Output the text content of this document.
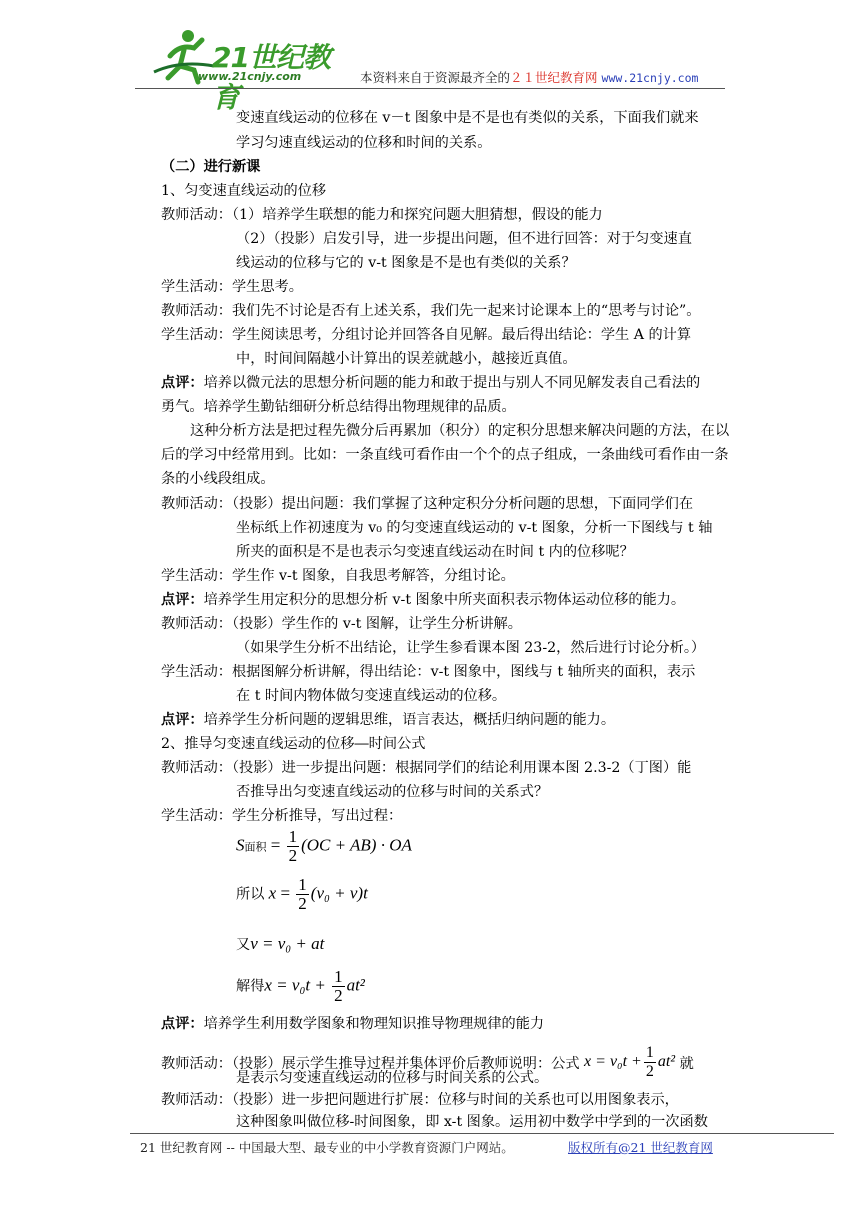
21世纪教育
www.21cnjy.com	本资料来自于资源最齐全的２１世纪教育网 www.21cnjy.com
变速直线运动的位移在 v－t 图象中是不是也有类似的关系，下面我们就来
学习匀速直线运动的位移和时间的关系。
（二）进行新课
1、匀变速直线运动的位移
教师活动：（1）培养学生联想的能力和探究问题大胆猜想，假设的能力
（2）（投影）启发引导，进一步提出问题，但不进行回答：对于匀变速直
线运动的位移与它的 v-t 图象是不是也有类似的关系？
学生活动：学生思考。
教师活动：我们先不讨论是否有上述关系，我们先一起来讨论课本上的“思考与讨论”。
学生活动：学生阅读思考，分组讨论并回答各自见解。最后得出结论：学生 A 的计算
中，时间间隔越小计算出的误差就越小，越接近真值。
点评：培养以微元法的思想分析问题的能力和敢于提出与别人不同见解发表自己看法的
勇气。培养学生勤钻细研分析总结得出物理规律的品质。
这种分析方法是把过程先微分后再累加（积分）的定积分思想来解决问题的方法，在以
后的学习中经常用到。比如：一条直线可看作由一个个的点子组成，一条曲线可看作由一条
条的小线段组成。
教师活动：（投影）提出问题：我们掌握了这种定积分分析问题的思想，下面同学们在
坐标纸上作初速度为 v₀ 的匀变速直线运动的 v-t 图象，分析一下图线与 t 轴
所夹的面积是不是也表示匀变速直线运动在时间 t 内的位移呢？
学生活动：学生作 v-t 图象，自我思考解答，分组讨论。
点评：培养学生用定积分的思想分析 v-t 图象中所夹面积表示物体运动位移的能力。
教师活动：（投影）学生作的 v-t 图解，让学生分析讲解。
（如果学生分析不出结论，让学生参看课本图 23-2，然后进行讨论分析。）
学生活动：根据图解分析讲解，得出结论：v-t 图象中，图线与 t 轴所夹的面积，表示
在 t 时间内物体做匀变速直线运动的位移。
点评：培养学生分析问题的逻辑思维，语言表达，概括归纳问题的能力。
2、推导匀变速直线运动的位移―时间公式
教师活动：（投影）进一步提出问题：根据同学们的结论利用课本图 2.3-2（丁图）能
否推导出匀变速直线运动的位移与时间的关系式？
学生活动：学生分析推导，写出过程：
S面积 = $\frac{1}{2} (OC + AB)$ · OA
所以 $x = \frac{1}{2} (v_0 + v)t$
又v = v₀ + at
解得$x = v_0t + \frac{1}{2} at^2$
点评：培养学生利用数学图象和物理知识推导物理规律的能力
教师活动：（投影）展示学生推导过程并集体评价后教师说明：公式 $x = v_0t + \frac{1}{2} at^2$ 就
是表示匀变速直线运动的位移与时间关系的公式。
教师活动：（投影）进一步把问题进行扩展：位移与时间的关系也可以用图象表示，
21 世纪教育网 -- 中国最大型、最专业的中小学教育资源门户网站。	版权所有@21 世纪教育网
这种图象叫做位移-时间图象，即 x-t 图象。运用初中数学中学到的一次函数
